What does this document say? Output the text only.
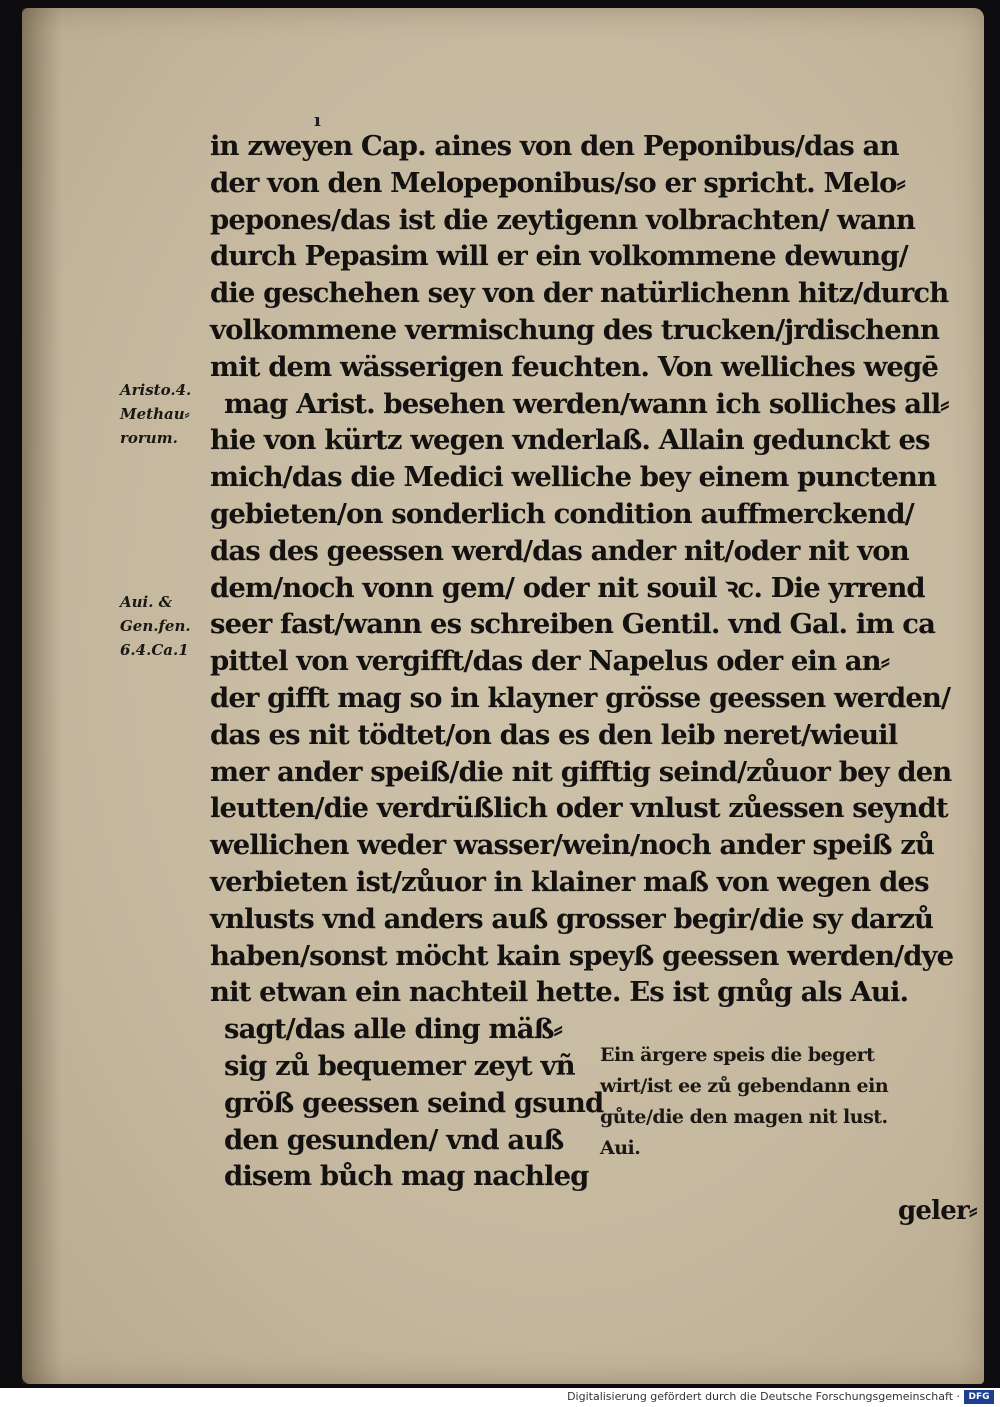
ı
in zweyen Cap. aines von den Peponibus/das an
der von den Melopeponibus/so er spricht. Melo⸗
pepones/das ist die zeytigenn volbrachten/ wann
durch Pepasim will er ein volkommene dewung/
die geschehen sey von der natürlichenn hitz/durch
volkommene vermischung des trucken/jrdischenn
mit dem wässerigen feuchten. Von welliches wegē
mag Arist. besehen werden/wann ich solliches all⸗
hie von kürtz wegen vnderlaß. Allain gedunckt es
mich/das die Medici welliche bey einem punctenn
gebieten/on sonderlich condition auffmerckend/
das des geessen werd/das ander nit/oder nit von
dem/noch vonn gem/ oder nit souil ꝛc. Die yrrend
seer fast/wann es schreiben Gentil. vnd Gal. im ca
pittel von vergifft/das der Napelus oder ein an⸗
der gifft mag so in klayner grösse geessen werden/
das es nit tödtet/on das es den leib neret/wieuil
mer ander speiß/die nit gifftig seind/zůuor bey den
leutten/die verdrüßlich oder vnlust zůessen seyndt
wellichen weder wasser/wein/noch ander speiß zů
verbieten ist/zůuor in klainer maß von wegen des
vnlusts vnd anders auß grosser begir/die sy darzů
haben/sonst möcht kain speyß geessen werden/dye
nit etwan ein nachteil hette. Es ist gnůg als Aui.
sagt/das alle ding mäß⸗
sig zů bequemer zeyt vñ
größ geessen seind gsund
den gesunden/ vnd auß
disem bůch mag nachleg
Aristo.4.
Methau⸗
rorum.
Aui. &
Gen.fen.
6.4.Ca.1
Ein ärgere speis die begert
wirt/ist ee zů gebendann ein
gůte/die den magen nit lust.
Aui.
geler⸗
Digitalisierung gefördert durch die Deutsche Forschungsgemeinschaft · DFG
